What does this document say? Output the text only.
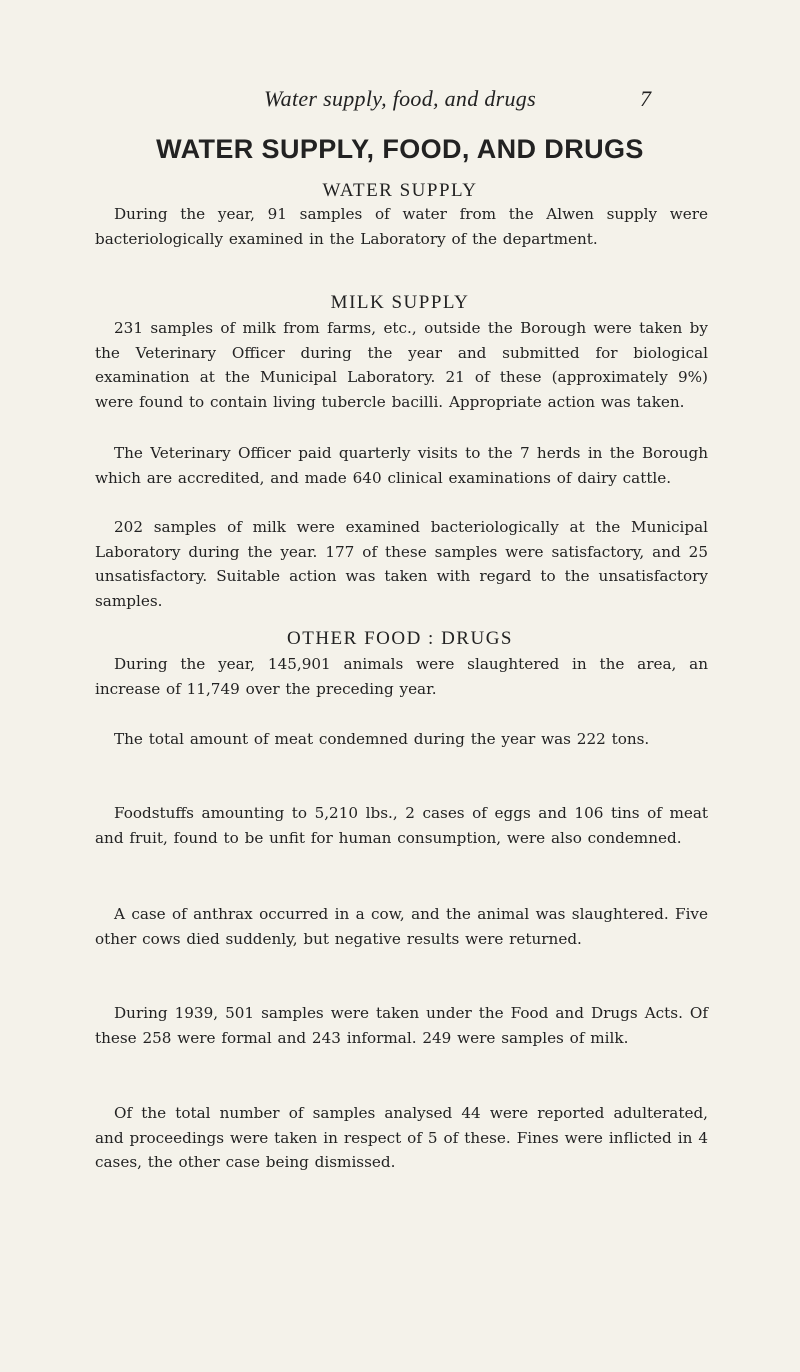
Water supply, food, and drugs	7
WATER SUPPLY, FOOD, AND DRUGS
WATER SUPPLY

During the year, 91 samples of water from the Alwen supply were bacteriologically examined in the Laboratory of the department.

MILK SUPPLY

231 samples of milk from farms, etc., outside the Borough were taken by the Veterinary Officer during the year and submitted for biological examination at the Municipal Laboratory. 21 of these (approximately 9%) were found to contain living tubercle bacilli. Appropriate action was taken.

The Veterinary Officer paid quarterly visits to the 7 herds in the Borough which are accredited, and made 640 clinical examinations of dairy cattle.

202 samples of milk were examined bacteriologically at the Municipal Laboratory during the year. 177 of these samples were satisfactory, and 25 unsatisfactory. Suitable action was taken with regard to the unsatisfactory samples.

OTHER FOOD : DRUGS

During the year, 145,901 animals were slaughtered in the area, an increase of 11,749 over the preceding year.

The total amount of meat condemned during the year was 222 tons.

Foodstuffs amounting to 5,210 lbs., 2 cases of eggs and 106 tins of meat and fruit, found to be unfit for human consumption, were also condemned.

A case of anthrax occurred in a cow, and the animal was slaughtered. Five other cows died suddenly, but negative results were returned.

During 1939, 501 samples were taken under the Food and Drugs Acts. Of these 258 were formal and 243 informal. 249 were samples of milk.

Of the total number of samples analysed 44 were reported adulterated, and proceedings were taken in respect of 5 of these. Fines were inflicted in 4 cases, the other case being dismissed.
